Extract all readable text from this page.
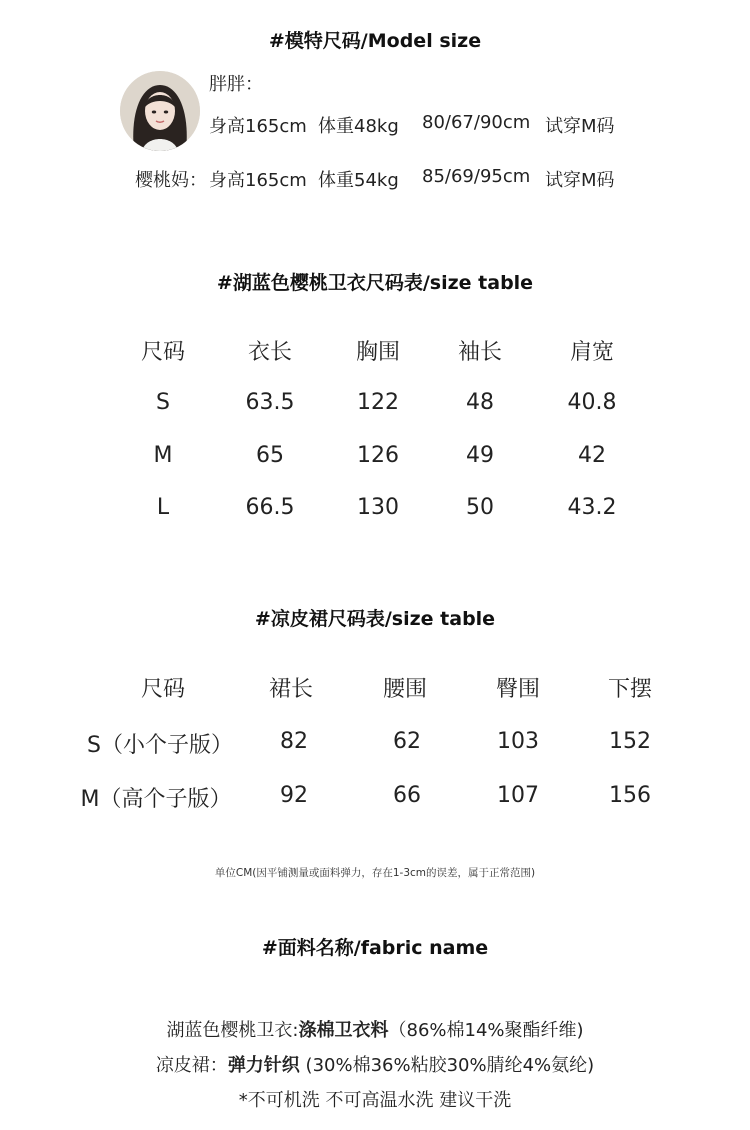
#模特尺码/Model size
胖胖：
身高165cm 体重48kg 80/67/90cm 试穿M码
樱桃妈： 身高165cm 体重54kg 85/69/95cm 试穿M码
#湖蓝色樱桃卫衣尺码表/size table
尺码	衣长	胸围	袖长	肩宽
S	63.5	122	48	40.8
M	65	126	49	42
L	66.5	130	50	43.2
#凉皮裙尺码表/size table
尺码	裙长	腰围	臀围	下摆
S（小个子版） 82	62	103	152
M（高个子版） 92	66	107	156
单位CM(因平铺测量或面料弹力，存在1-3cm的误差，属于正常范围)
#面料名称/fabric name
湖蓝色樱桃卫衣:涤棉卫衣料（86%棉14%聚酯纤维)
凉皮裙：弹力针织 (30%棉36%粘胶30%腈纶4%氨纶)
*不可机洗 不可高温水洗 建议干洗
